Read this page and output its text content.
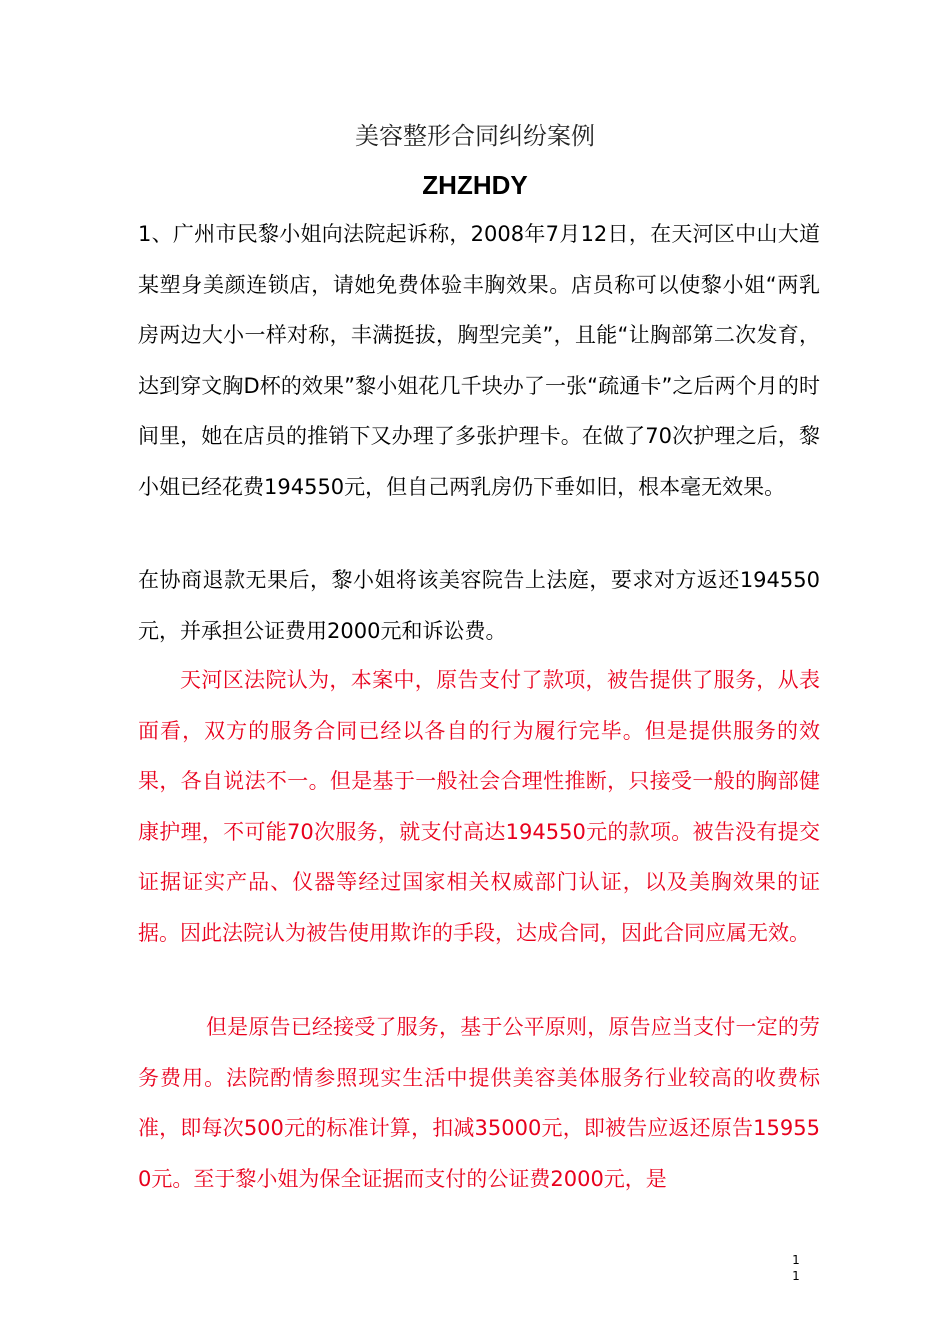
美容整形合同纠纷案例
ZHZHDY
1、广州市民黎小姐向法院起诉称，2008年7月12日，在天河区中山大道某塑身美颜连锁店，请她免费体验丰胸效果。店员称可以使黎小姐“两乳房两边大小一样对称，丰满挺拔，胸型完美”，且能“让胸部第二次发育，达到穿文胸D杯的效果”黎小姐花几千块办了一张“疏通卡”之后两个月的时间里，她在店员的推销下又办理了多张护理卡。在做了70次护理之后，黎小姐已经花费194550元，但自己两乳房仍下垂如旧，根本毫无效果。
在协商退款无果后，黎小姐将该美容院告上法庭，要求对方返还194550元，并承担公证费用2000元和诉讼费。
天河区法院认为，本案中，原告支付了款项，被告提供了服务，从表面看，双方的服务合同已经以各自的行为履行完毕。但是提供服务的效果，各自说法不一。但是基于一般社会合理性推断，只接受一般的胸部健康护理，不可能70次服务，就支付高达194550元的款项。被告没有提交证据证实产品、仪器等经过国家相关权威部门认证，以及美胸效果的证据。因此法院认为被告使用欺诈的手段，达成合同，因此合同应属无效。
但是原告已经接受了服务，基于公平原则，原告应当支付一定的劳务费用。法院酌情参照现实生活中提供美容美体服务行业较高的收费标准，即每次500元的标准计算，扣减35000元，即被告应返还原告159550元。至于黎小姐为保全证据而支付的公证费2000元，是
1
1
